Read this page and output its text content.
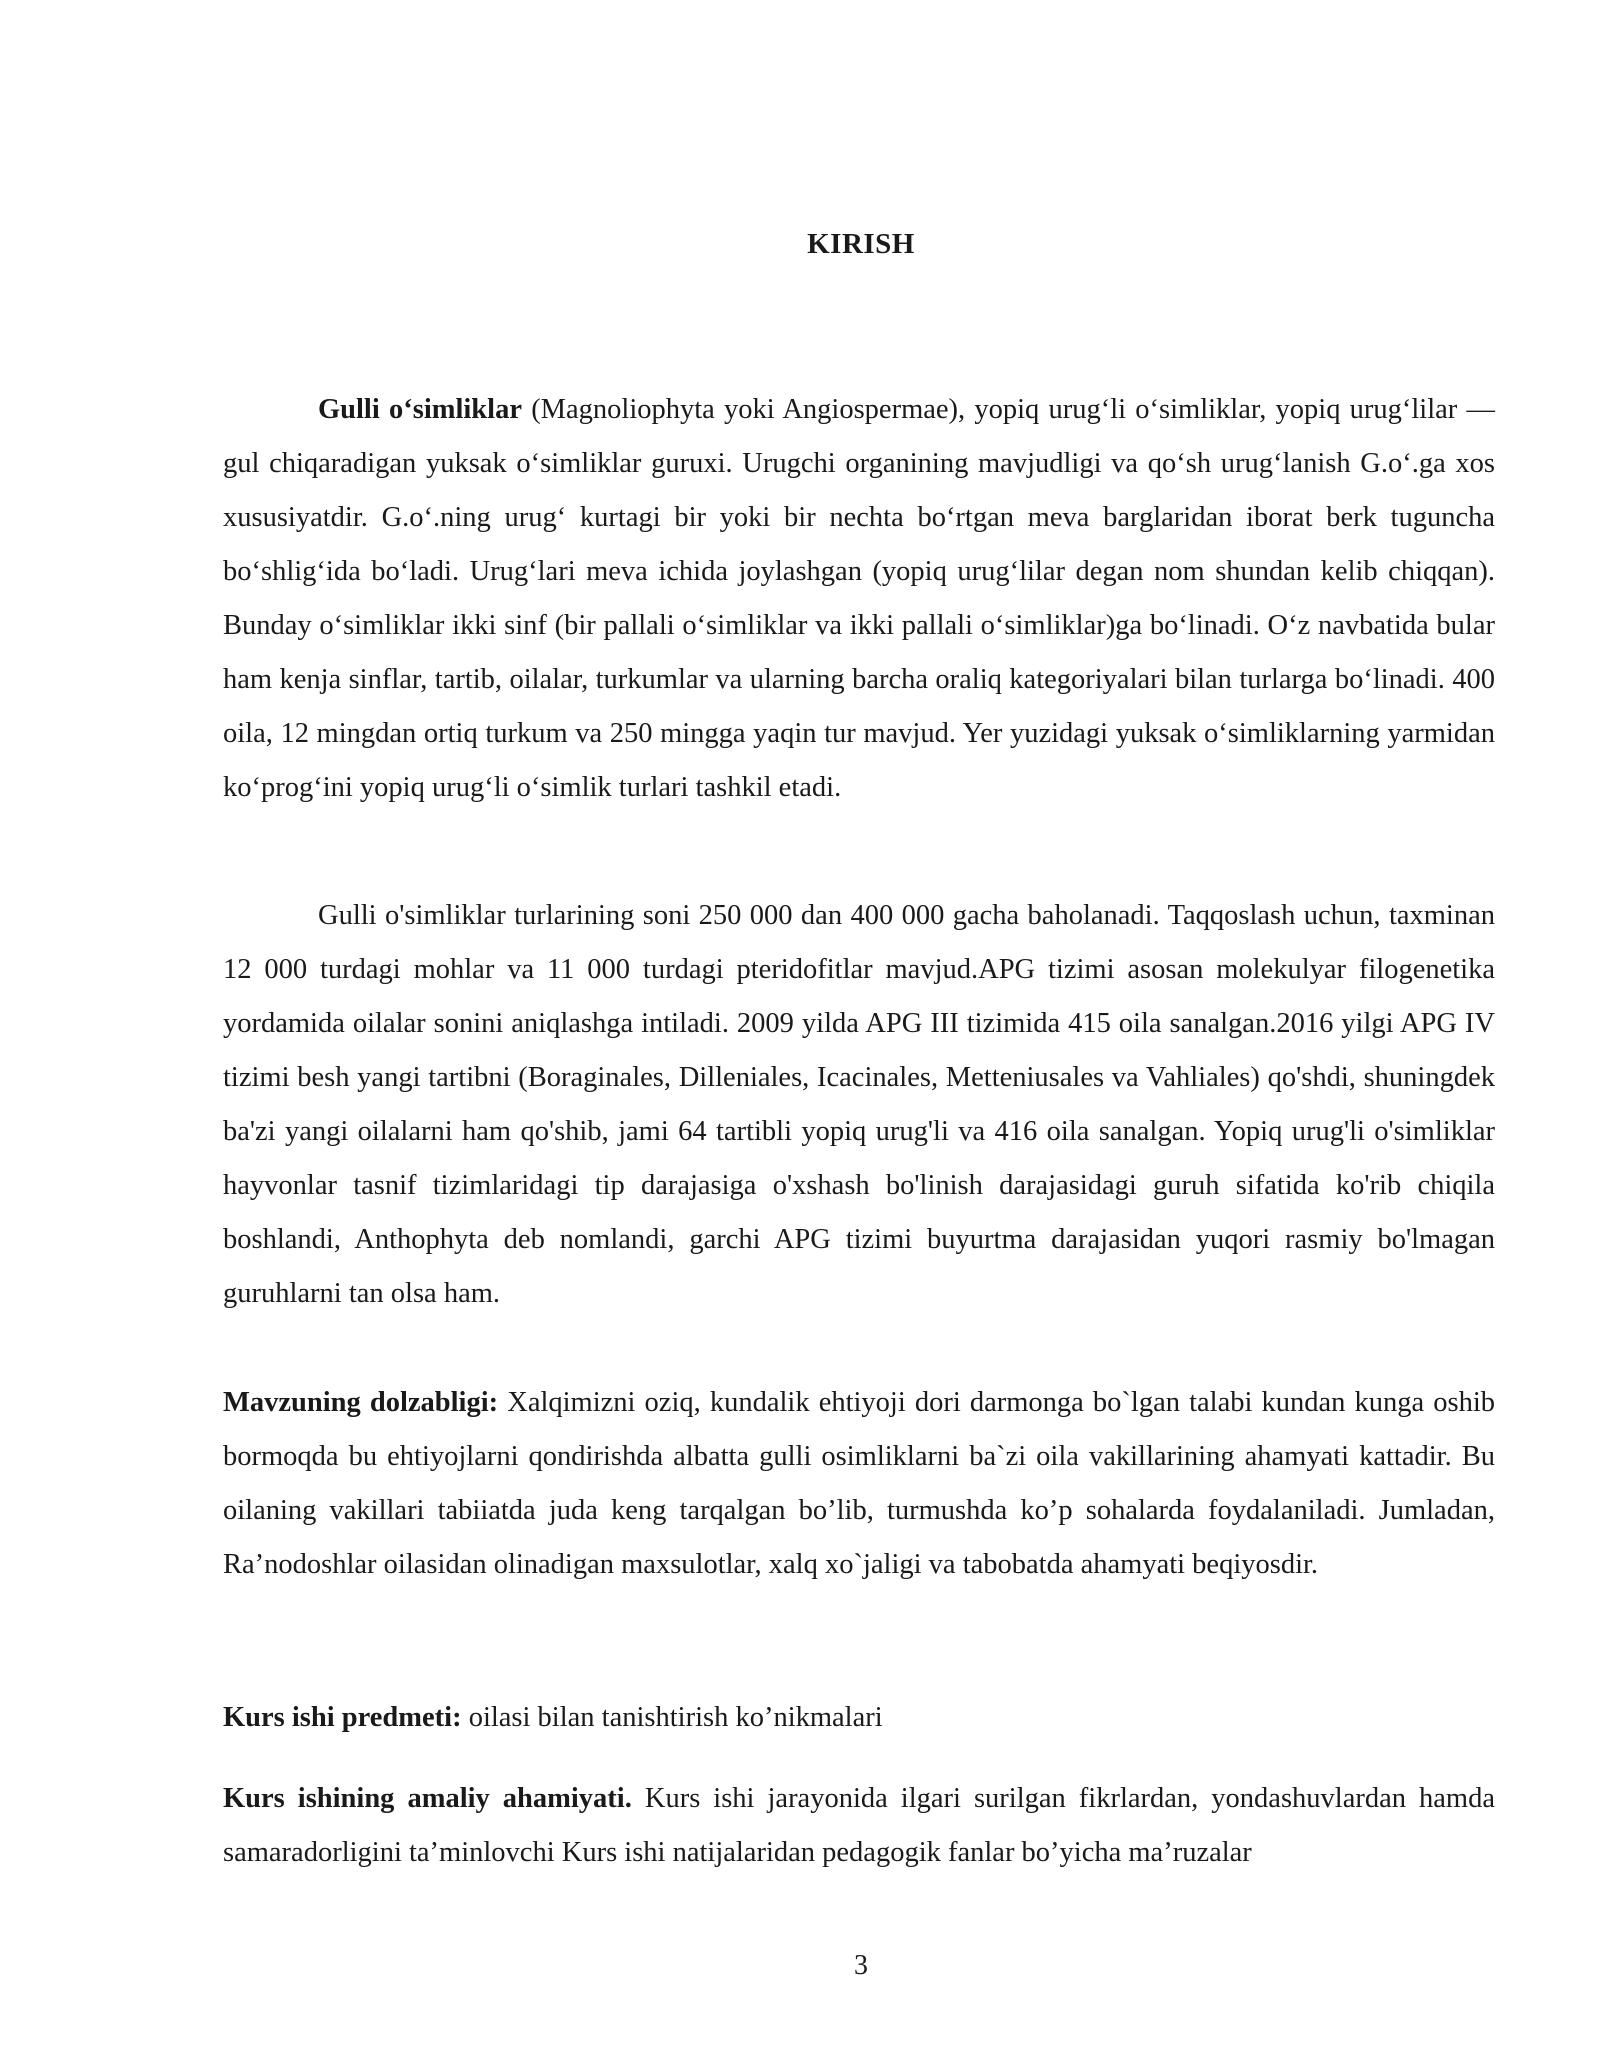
KIRISH

Gulli o‘simliklar (Magnoliophyta yoki Angiospermae), yopiq urug‘li o‘simliklar, yopiq urug‘lilar — gul chiqaradigan yuksak o‘simliklar guruxi. Urugchi organining mavjudligi va qo‘sh urug‘lanish G.o‘.ga xos xususiyatdir. G.o‘.ning urug‘ kurtagi bir yoki bir nechta bo‘rtgan meva barglaridan iborat berk tuguncha bo‘shlig‘ida bo‘ladi. Urug‘lari meva ichida joylashgan (yopiq urug‘lilar degan nom shundan kelib chiqqan). Bunday o‘simliklar ikki sinf (bir pallali o‘simliklar va ikki pallali o‘simliklar)ga bo‘linadi. O‘z navbatida bular ham kenja sinflar, tartib, oilalar, turkumlar va ularning barcha oraliq kategoriyalari bilan turlarga bo‘linadi. 400 oila, 12 mingdan ortiq turkum va 250 mingga yaqin tur mavjud. Yer yuzidagi yuksak o‘simliklarning yarmidan ko‘prog‘ini yopiq urug‘li o‘simlik turlari tashkil etadi.

Gulli o'simliklar turlarining soni 250 000 dan 400 000 gacha baholanadi. Taqqoslash uchun, taxminan 12 000 turdagi mohlar va 11 000 turdagi pteridofitlar mavjud.APG tizimi asosan molekulyar filogenetika yordamida oilalar sonini aniqlashga intiladi. 2009 yilda APG III tizimida 415 oila sanalgan.2016 yilgi APG IV tizimi besh yangi tartibni (Boraginales, Dilleniales, Icacinales, Metteniusales va Vahliales) qo'shdi, shuningdek ba'zi yangi oilalarni ham qo'shib, jami 64 tartibli yopiq urug'li va 416 oila sanalgan. Yopiq urug'li o'simliklar hayvonlar tasnif tizimlaridagi tip darajasiga o'xshash bo'linish darajasidagi guruh sifatida ko'rib chiqila boshlandi, Anthophyta deb nomlandi, garchi APG tizimi buyurtma darajasidan yuqori rasmiy bo'lmagan guruhlarni tan olsa ham.

Mavzuning dolzabligi: Xalqimizni oziq, kundalik ehtiyoji dori darmonga bo`lgan talabi kundan kunga oshib bormoqda bu ehtiyojlarni qondirishda albatta gulli osimliklarni ba`zi oila vakillarining ahamyati kattadir. Bu oilaning vakillari tabiiatda juda keng tarqalgan bo’lib, turmushda ko’p sohalarda foydalaniladi. Jumladan, Ra’nodoshlar oilasidan olinadigan maxsulotlar, xalq xo`jaligi va tabobatda ahamyati beqiyosdir.

Kurs ishi predmeti: oilasi bilan tanishtirish ko’nikmalari

Kurs ishining amaliy ahamiyati. Kurs ishi jarayonida ilgari surilgan fikrlardan, yondashuvlardan hamda samaradorligini ta’minlovchi Kurs ishi natijalaridan pedagogik fanlar bo’yicha ma’ruzalar

3
